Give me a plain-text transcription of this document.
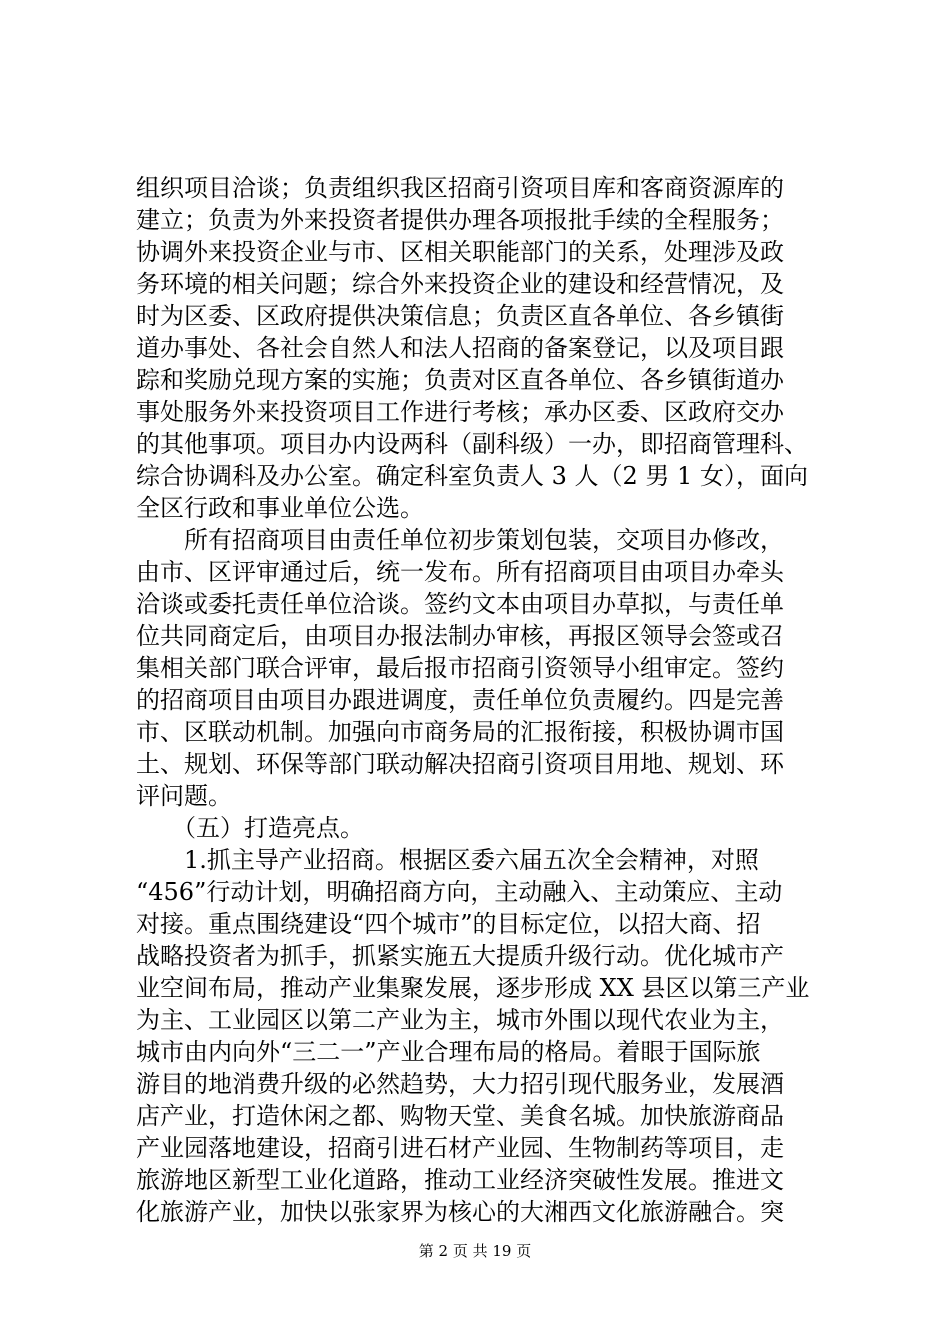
组织项目洽谈；负责组织我区招商引资项目库和客商资源库的
建立；负责为外来投资者提供办理各项报批手续的全程服务；
协调外来投资企业与市、区相关职能部门的关系，处理涉及政
务环境的相关问题；综合外来投资企业的建设和经营情况，及
时为区委、区政府提供决策信息；负责区直各单位、各乡镇街
道办事处、各社会自然人和法人招商的备案登记，以及项目跟
踪和奖励兑现方案的实施；负责对区直各单位、各乡镇街道办
事处服务外来投资项目工作进行考核；承办区委、区政府交办
的其他事项。项目办内设两科（副科级）一办，即招商管理科、
综合协调科及办公室。确定科室负责人 3 人（2 男 1 女），面向
全区行政和事业单位公选。
　　所有招商项目由责任单位初步策划包装，交项目办修改，
由市、区评审通过后，统一发布。所有招商项目由项目办牵头
洽谈或委托责任单位洽谈。签约文本由项目办草拟，与责任单
位共同商定后，由项目办报法制办审核，再报区领导会签或召
集相关部门联合评审，最后报市招商引资领导小组审定。签约
的招商项目由项目办跟进调度，责任单位负责履约。四是完善
市、区联动机制。加强向市商务局的汇报衔接，积极协调市国
土、规划、环保等部门联动解决招商引资项目用地、规划、环
评问题。
　　（五）打造亮点。
　　1.抓主导产业招商。根据区委六届五次全会精神，对照
“456”行动计划，明确招商方向，主动融入、主动策应、主动
对接。重点围绕建设“四个城市”的目标定位，以招大商、招
战略投资者为抓手，抓紧实施五大提质升级行动。优化城市产
业空间布局，推动产业集聚发展，逐步形成 XX 县区以第三产业
为主、工业园区以第二产业为主，城市外围以现代农业为主，
城市由内向外“三二一”产业合理布局的格局。着眼于国际旅
游目的地消费升级的必然趋势，大力招引现代服务业，发展酒
店产业，打造休闲之都、购物天堂、美食名城。加快旅游商品
产业园落地建设，招商引进石材产业园、生物制药等项目，走
旅游地区新型工业化道路，推动工业经济突破性发展。推进文
化旅游产业，加快以张家界为核心的大湘西文化旅游融合。突
第 2 页 共 19 页
